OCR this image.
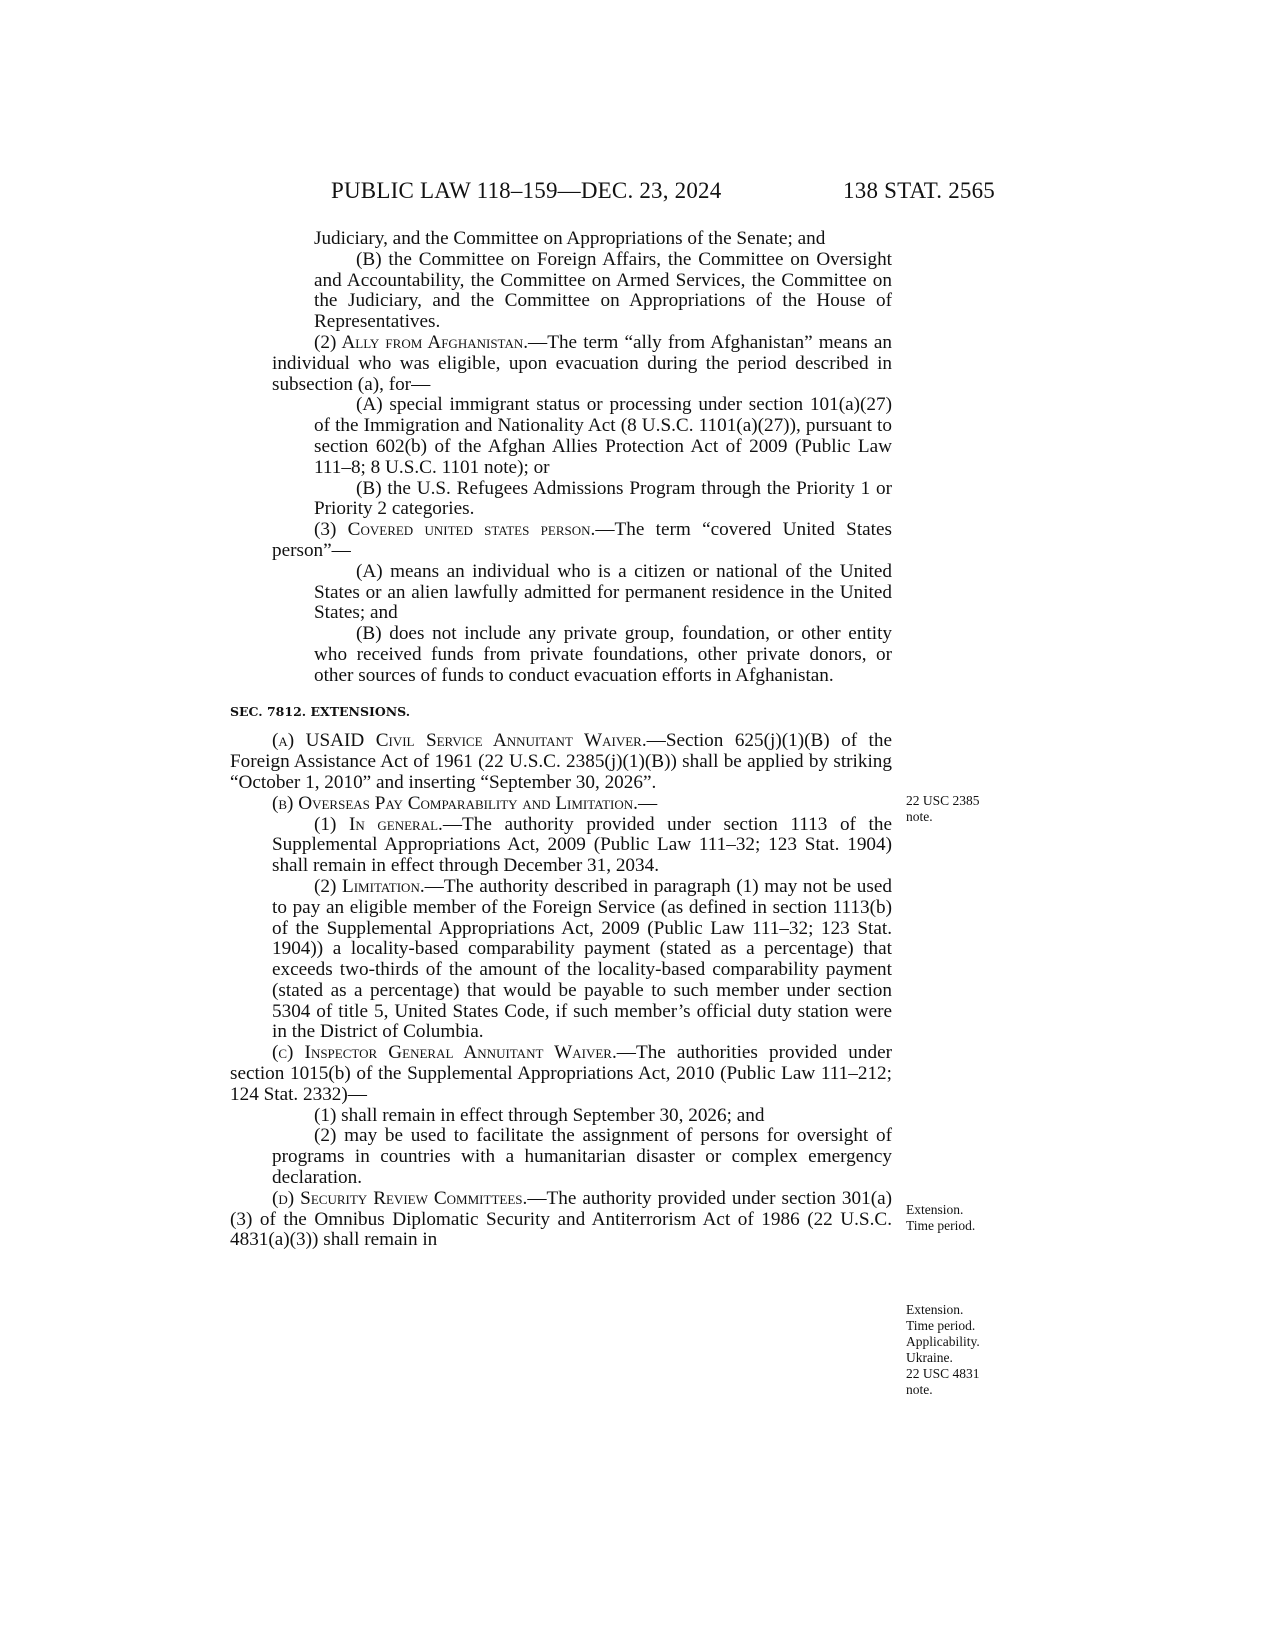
PUBLIC LAW 118–159—DEC. 23, 2024	138 STAT. 2565

Judiciary, and the Committee on Appropriations of the Senate; and

(B) the Committee on Foreign Affairs, the Committee on Oversight and Accountability, the Committee on Armed Services, the Committee on the Judiciary, and the Committee on Appropriations of the House of Representatives.

(2) Ally from Afghanistan.—The term “ally from Afghanistan” means an individual who was eligible, upon evacuation during the period described in subsection (a), for—

(A) special immigrant status or processing under section 101(a)(27) of the Immigration and Nationality Act (8 U.S.C. 1101(a)(27)), pursuant to section 602(b) of the Afghan Allies Protection Act of 2009 (Public Law 111–8; 8 U.S.C. 1101 note); or

(B) the U.S. Refugees Admissions Program through the Priority 1 or Priority 2 categories.

(3) Covered united states person.—The term “covered United States person”—

(A) means an individual who is a citizen or national of the United States or an alien lawfully admitted for permanent residence in the United States; and

(B) does not include any private group, foundation, or other entity who received funds from private foundations, other private donors, or other sources of funds to conduct evacuation efforts in Afghanistan.

SEC. 7812. EXTENSIONS.

(a) USAID Civil Service Annuitant Waiver.—Section 625(j)(1)(B) of the Foreign Assistance Act of 1961 (22 U.S.C. 2385(j)(1)(B)) shall be applied by striking “October 1, 2010” and inserting “September 30, 2026”.

(b) Overseas Pay Comparability and Limitation.—

(1) In general.—The authority provided under section 1113 of the Supplemental Appropriations Act, 2009 (Public Law 111–32; 123 Stat. 1904) shall remain in effect through December 31, 2034.

(2) Limitation.—The authority described in paragraph (1) may not be used to pay an eligible member of the Foreign Service (as defined in section 1113(b) of the Supplemental Appropriations Act, 2009 (Public Law 111–32; 123 Stat. 1904)) a locality-based comparability payment (stated as a percentage) that exceeds two-thirds of the amount of the locality-based comparability payment (stated as a percentage) that would be payable to such member under section 5304 of title 5, United States Code, if such member’s official duty station were in the District of Columbia.

(c) Inspector General Annuitant Waiver.—The authorities provided under section 1015(b) of the Supplemental Appropriations Act, 2010 (Public Law 111–212; 124 Stat. 2332)—

(1) shall remain in effect through September 30, 2026; and

(2) may be used to facilitate the assignment of persons for oversight of programs in countries with a humanitarian disaster or complex emergency declaration.

(d) Security Review Committees.—The authority provided under section 301(a)(3) of the Omnibus Diplomatic Security and Antiterrorism Act of 1986 (22 U.S.C. 4831(a)(3)) shall remain in

22 USC 2385
note.
Extension.
Time period.
Extension.
Time period.
Applicability.
Ukraine.
22 USC 4831
note.
